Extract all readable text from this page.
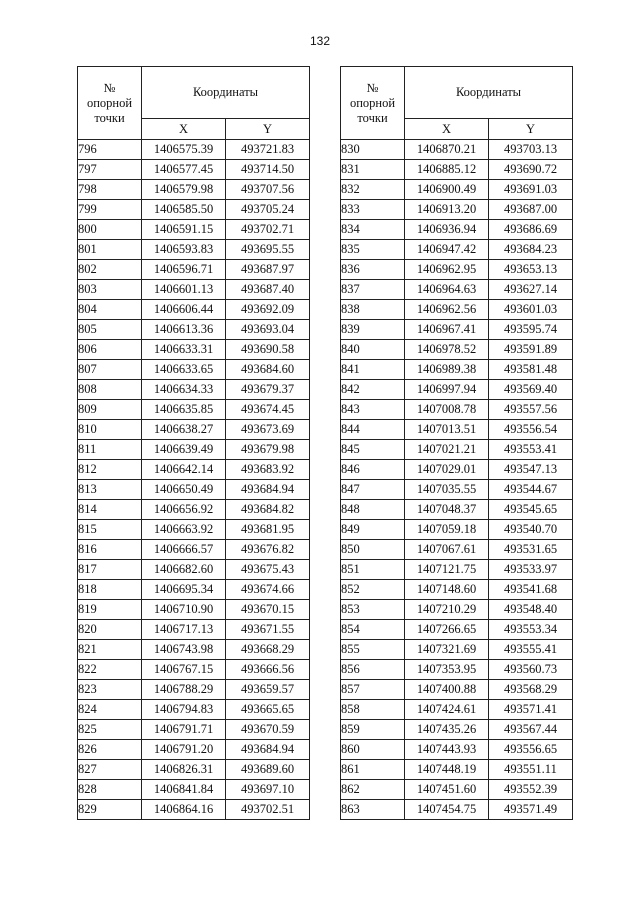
132
№
опорной
точки	Координаты	
	X	Y
796	1406575.39	493721.83
797	1406577.45	493714.50
798	1406579.98	493707.56
799	1406585.50	493705.24
800	1406591.15	493702.71
801	1406593.83	493695.55
802	1406596.71	493687.97
803	1406601.13	493687.40
804	1406606.44	493692.09
805	1406613.36	493693.04
806	1406633.31	493690.58
807	1406633.65	493684.60
808	1406634.33	493679.37
809	1406635.85	493674.45
810	1406638.27	493673.69
811	1406639.49	493679.98
812	1406642.14	493683.92
813	1406650.49	493684.94
814	1406656.92	493684.82
815	1406663.92	493681.95
816	1406666.57	493676.82
817	1406682.60	493675.43
818	1406695.34	493674.66
819	1406710.90	493670.15
820	1406717.13	493671.55
821	1406743.98	493668.29
822	1406767.15	493666.56
823	1406788.29	493659.57
824	1406794.83	493665.65
825	1406791.71	493670.59
826	1406791.20	493684.94
827	1406826.31	493689.60
828	1406841.84	493697.10
829	1406864.16	493702.51
№
опорной
точки	Координаты	
	X	Y
830	1406870.21	493703.13
831	1406885.12	493690.72
832	1406900.49	493691.03
833	1406913.20	493687.00
834	1406936.94	493686.69
835	1406947.42	493684.23
836	1406962.95	493653.13
837	1406964.63	493627.14
838	1406962.56	493601.03
839	1406967.41	493595.74
840	1406978.52	493591.89
841	1406989.38	493581.48
842	1406997.94	493569.40
843	1407008.78	493557.56
844	1407013.51	493556.54
845	1407021.21	493553.41
846	1407029.01	493547.13
847	1407035.55	493544.67
848	1407048.37	493545.65
849	1407059.18	493540.70
850	1407067.61	493531.65
851	1407121.75	493533.97
852	1407148.60	493541.68
853	1407210.29	493548.40
854	1407266.65	493553.34
855	1407321.69	493555.41
856	1407353.95	493560.73
857	1407400.88	493568.29
858	1407424.61	493571.41
859	1407435.26	493567.44
860	1407443.93	493556.65
861	1407448.19	493551.11
862	1407451.60	493552.39
863	1407454.75	493571.49
